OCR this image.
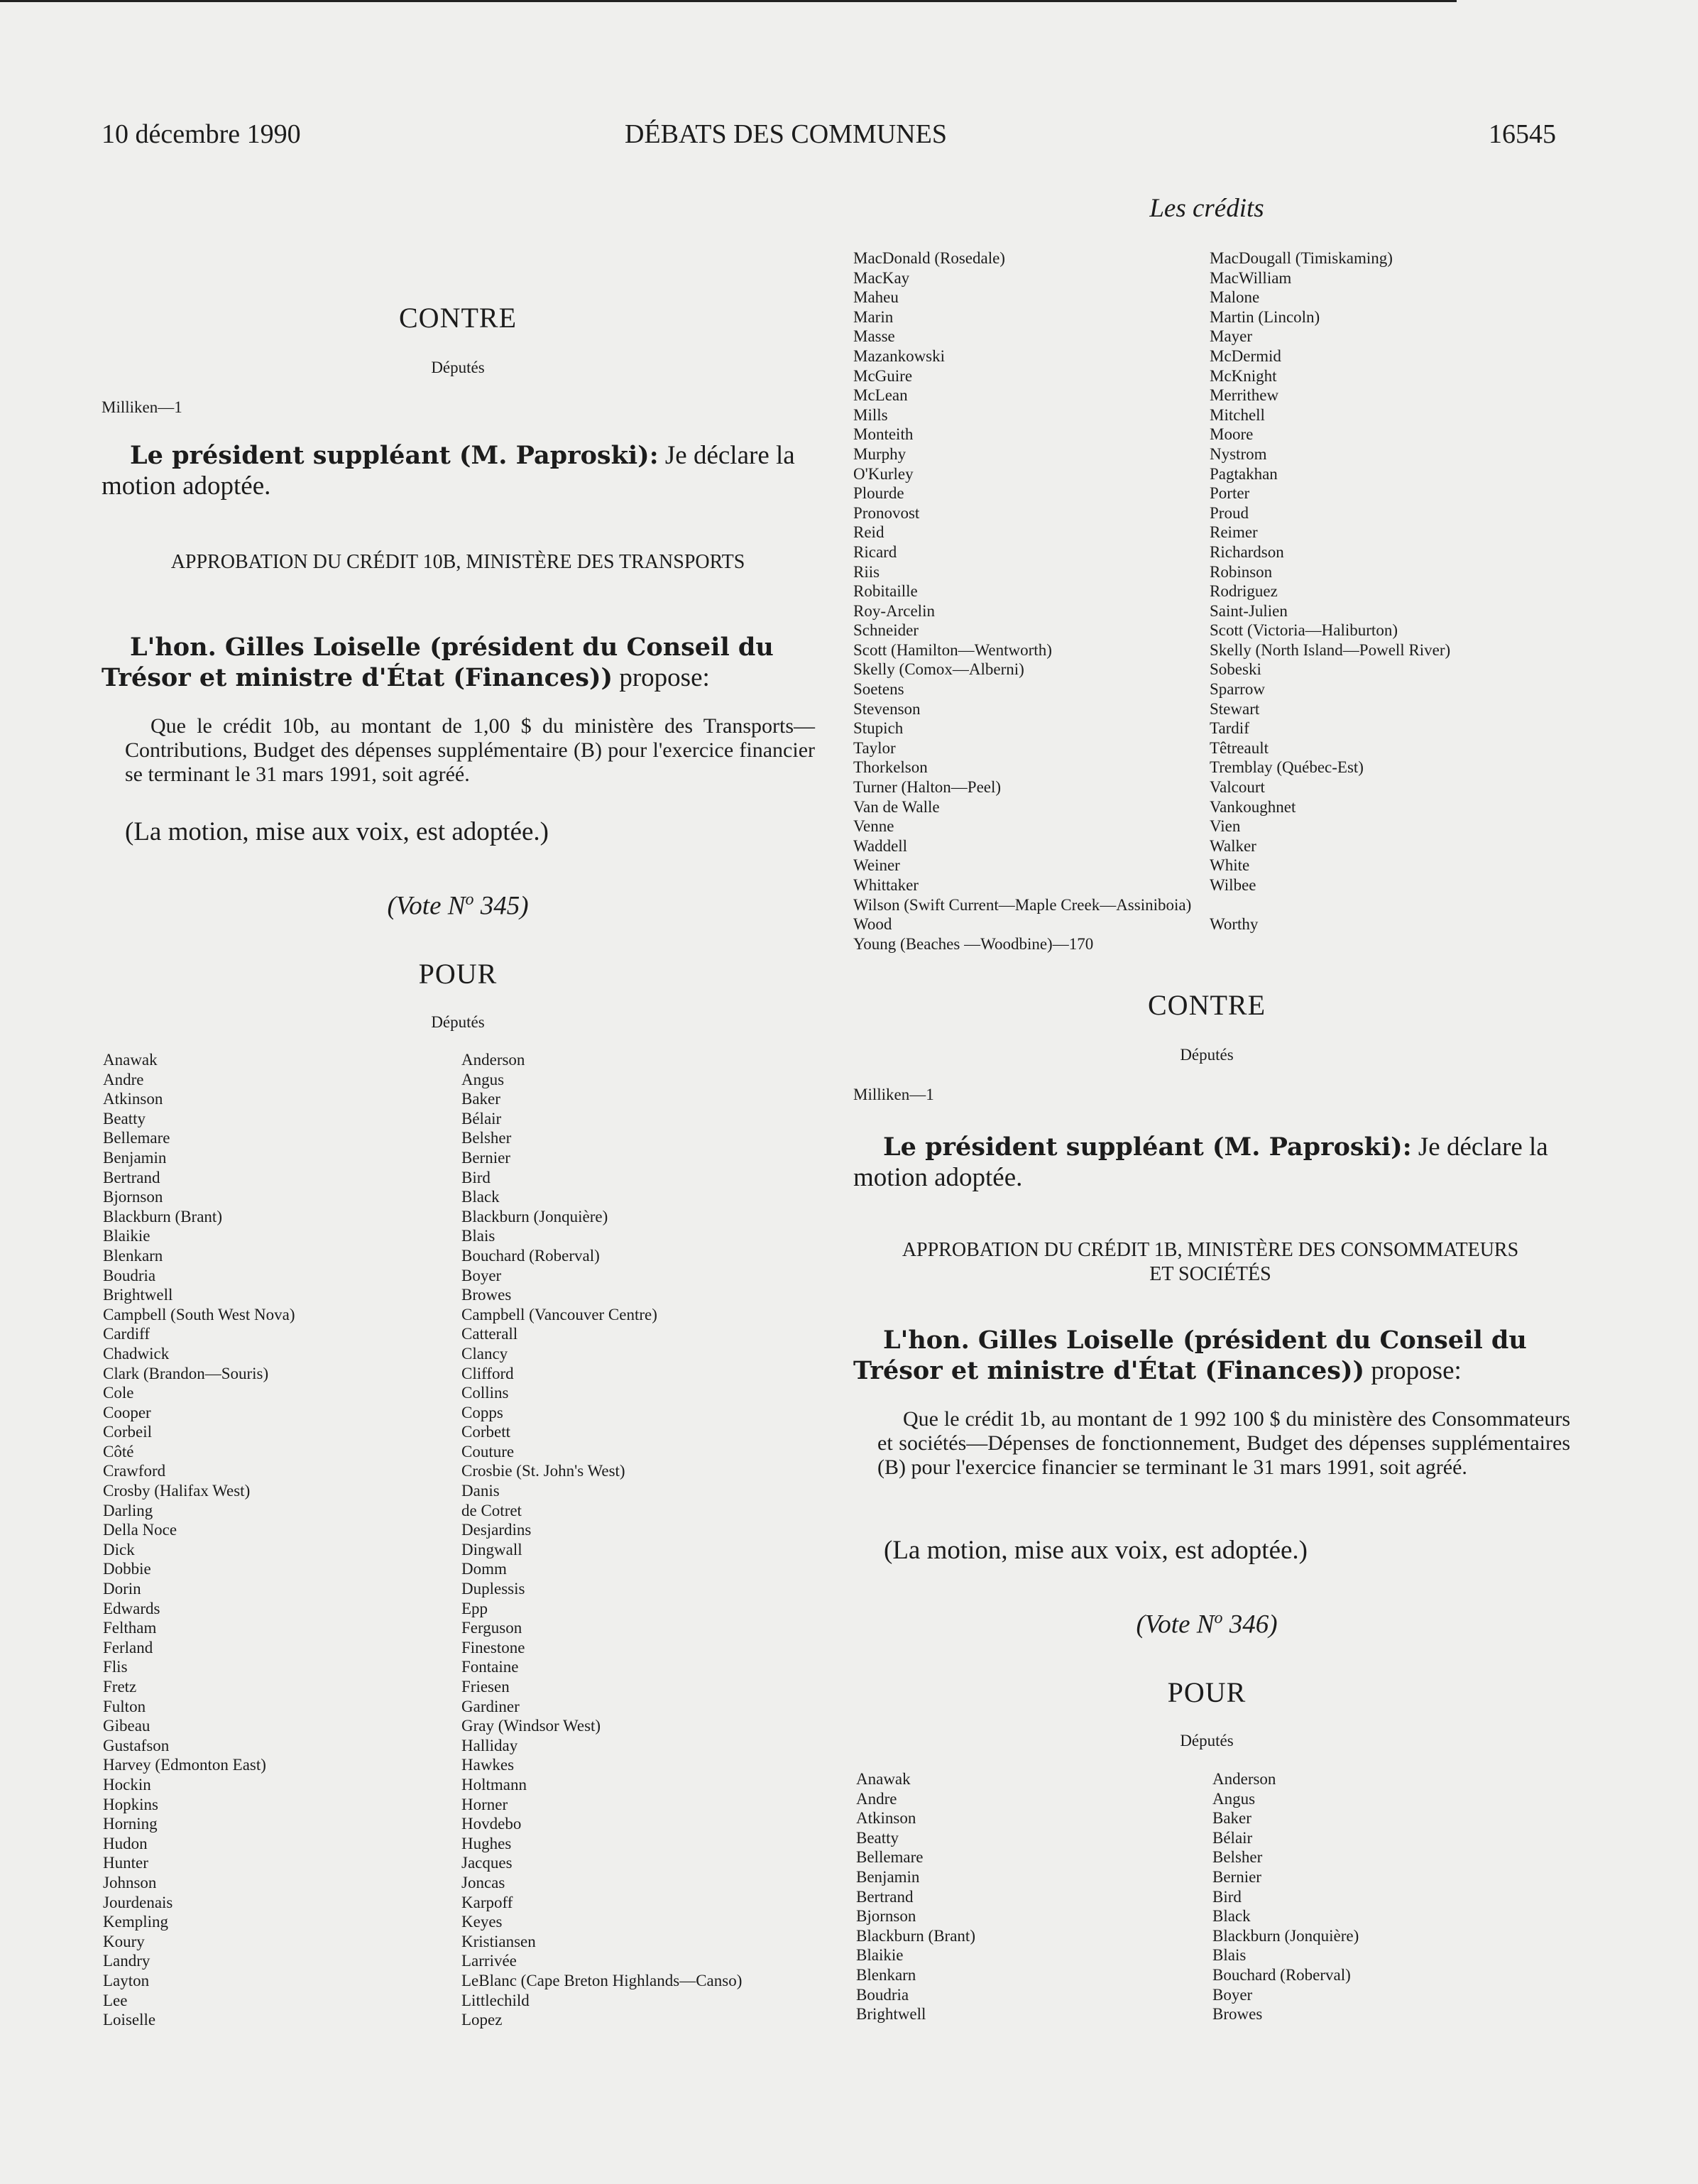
10 décembre 1990	DÉBATS DES COMMUNES	16545
CONTRE
Députés
Milliken—1
Le président suppléant (M. Paproski): Je déclare la motion adoptée.
APPROBATION DU CRÉDIT 10B, MINISTÈRE DES TRANSPORTS
L'hon. Gilles Loiselle (président du Conseil du Trésor et ministre d'État (Finances)) propose:
Que le crédit 10b, au montant de 1,00 $ du ministère des Transports—Contributions, Budget des dépenses supplémentaire (B) pour l'exercice financier se terminant le 31 mars 1991, soit agréé.
(La motion, mise aux voix, est adoptée.)
(Vote $N^o$ 345)
POUR
Députés
Anawak
Andre
Atkinson
Beatty
Bellemare
Benjamin
Bertrand
Bjornson
Blackburn (Brant)
Blaikie
Blenkarn
Boudria
Brightwell
Campbell (South West Nova)
Cardiff
Chadwick
Clark (Brandon—Souris)
Cole
Cooper
Corbeil
Côté
Crawford
Crosby (Halifax West)
Darling
Della Noce
Dick
Dobbie
Dorin
Edwards
Feltham
Ferland
Flis
Fretz
Fulton
Gibeau
Gustafson
Harvey (Edmonton East)
Hockin
Hopkins
Horning
Hudon
Hunter
Johnson
Jourdenais
Kempling
Koury
Landry
Layton
Lee
Loiselle
Anderson
Angus
Baker
Bélair
Belsher
Bernier
Bird
Black
Blackburn (Jonquière)
Blais
Bouchard (Roberval)
Boyer
Browes
Campbell (Vancouver Centre)
Catterall
Clancy
Clifford
Collins
Copps
Corbett
Couture
Crosbie (St. John's West)
Danis
de Cotret
Desjardins
Dingwall
Domm
Duplessis
Epp
Ferguson
Finestone
Fontaine
Friesen
Gardiner
Gray (Windsor West)
Halliday
Hawkes
Holtmann
Horner
Hovdebo
Hughes
Jacques
Joncas
Karpoff
Keyes
Kristiansen
Larrivée
LeBlanc (Cape Breton Highlands—Canso)
Littlechild
Lopez
Les crédits
MacDonald (Rosedale)
MacKay
Maheu
Marin
Masse
Mazankowski
McGuire
McLean
Mills
Monteith
Murphy
O'Kurley
Plourde
Pronovost
Reid
Ricard
Riis
Robitaille
Roy-Arcelin
Schneider
Scott (Hamilton—Wentworth)
Skelly (Comox—Alberni)
Soetens
Stevenson
Stupich
Taylor
Thorkelson
Turner (Halton—Peel)
Van de Walle
Venne
Waddell
Weiner
Whittaker
Wilson (Swift Current—Maple Creek—Assiniboia)
Wood
Young (Beaches —Woodbine)—170
MacDougall (Timiskaming)
MacWilliam
Malone
Martin (Lincoln)
Mayer
McDermid
McKnight
Merrithew
Mitchell
Moore
Nystrom
Pagtakhan
Porter
Proud
Reimer
Richardson
Robinson
Rodriguez
Saint-Julien
Scott (Victoria—Haliburton)
Skelly (North Island—Powell River)
Sobeski
Sparrow
Stewart
Tardif
Têtreault
Tremblay (Québec-Est)
Valcourt
Vankoughnet
Vien
Walker
White
Wilbee

Worthy

CONTRE
Députés
Milliken—1
Le président suppléant (M. Paproski): Je déclare la motion adoptée.
APPROBATION DU CRÉDIT 1B, MINISTÈRE DES CONSOMMATEURS ET SOCIÉTÉS
L'hon. Gilles Loiselle (président du Conseil du Trésor et ministre d'État (Finances)) propose:
Que le crédit 1b, au montant de 1 992 100 $ du ministère des Consommateurs et sociétés—Dépenses de fonctionnement, Budget des dépenses supplémentaires (B) pour l'exercice financier se terminant le 31 mars 1991, soit agréé.
(La motion, mise aux voix, est adoptée.)
(Vote $N^o$ 346)
POUR
Députés
Anawak
Andre
Atkinson
Beatty
Bellemare
Benjamin
Bertrand
Bjornson
Blackburn (Brant)
Blaikie
Blenkarn
Boudria
Brightwell
Anderson
Angus
Baker
Bélair
Belsher
Bernier
Bird
Black
Blackburn (Jonquière)
Blais
Bouchard (Roberval)
Boyer
Browes
